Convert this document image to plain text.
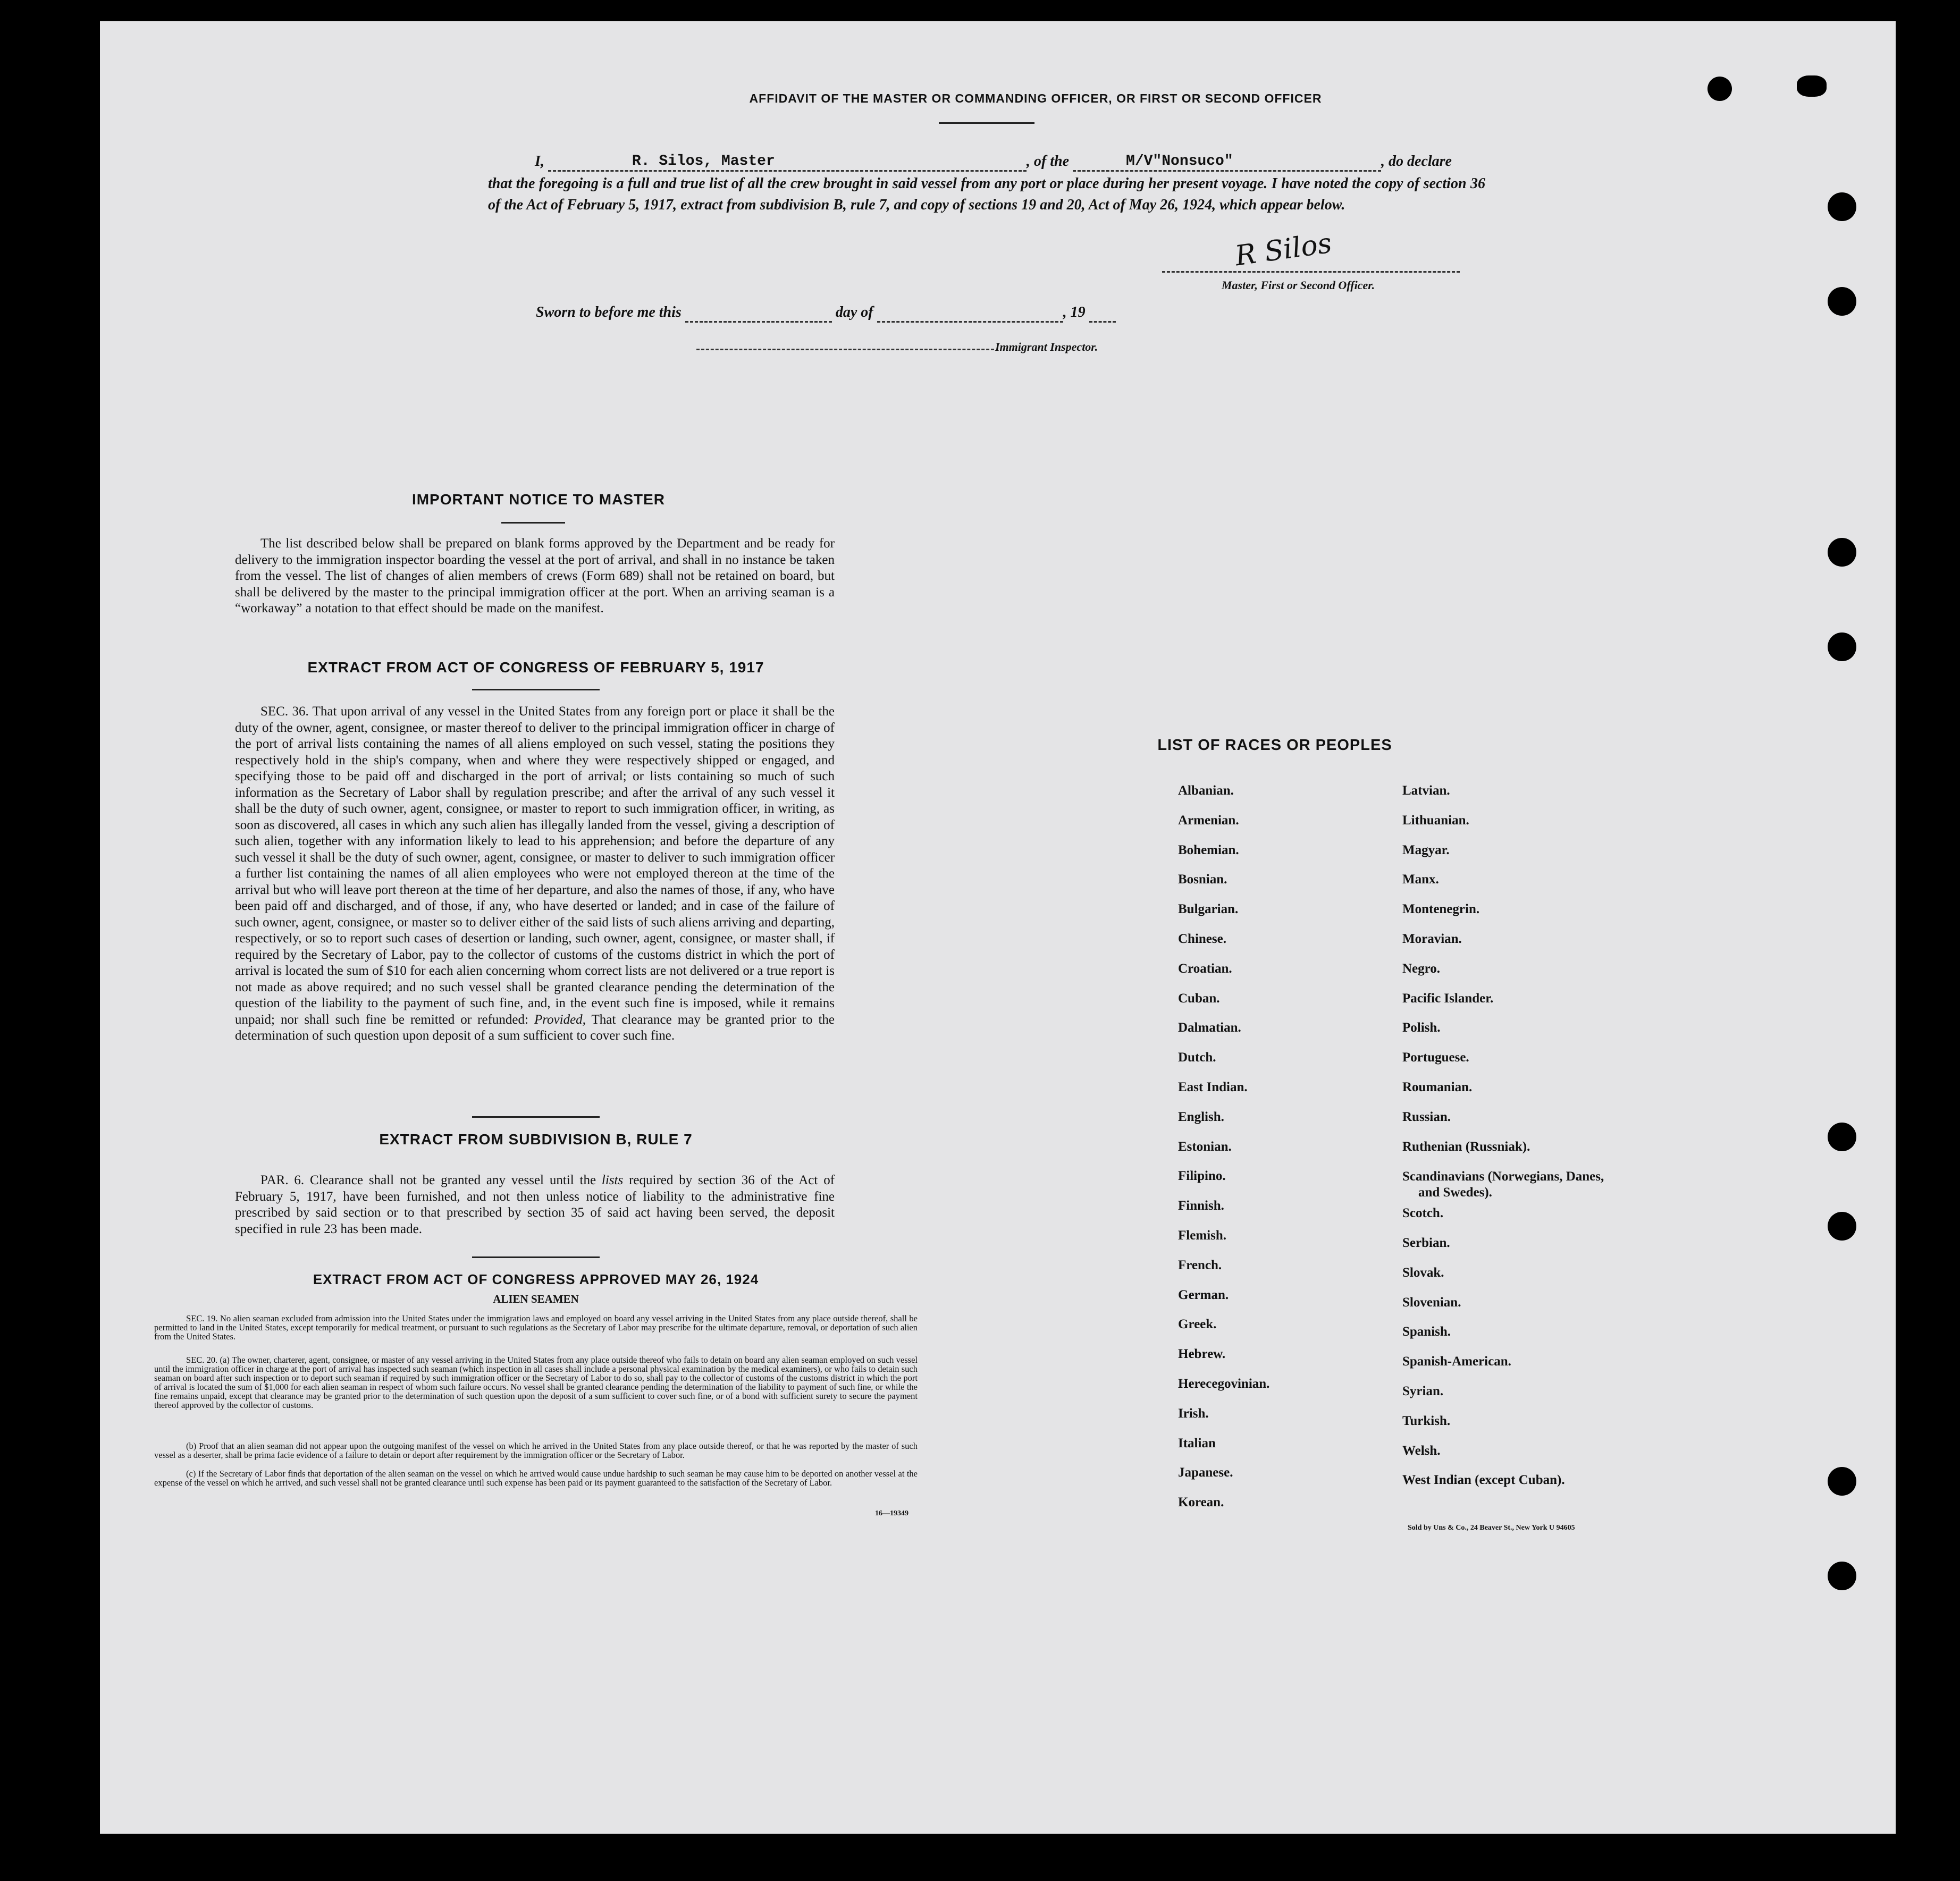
AFFIDAVIT OF THE MASTER OR COMMANDING OFFICER, OR FIRST OR SECOND OFFICER
I,	R. Silos, Master	, of the	M/V"Nonsuco"	, do declare
that the foregoing is a full and true list of all the crew brought in said vessel from any port or place during her present voyage. I have noted the copy of section 36 of the Act of February 5, 1917, extract from subdivision B, rule 7, and copy of sections 19 and 20, Act of May 26, 1924, which appear below.
R Silos
Master, First or Second Officer.
Sworn to before me this	day of	, 19
Immigrant Inspector.
IMPORTANT NOTICE TO MASTER
The list described below shall be prepared on blank forms approved by the Department and be ready for delivery to the immigration inspector boarding the vessel at the port of arrival, and shall in no instance be taken from the vessel. The list of changes of alien members of crews (Form 689) shall not be retained on board, but shall be delivered by the master to the principal immigration officer at the port. When an arriving seaman is a “workaway” a notation to that effect should be made on the manifest.
EXTRACT FROM ACT OF CONGRESS OF FEBRUARY 5, 1917
SEC. 36. That upon arrival of any vessel in the United States from any foreign port or place it shall be the duty of the owner, agent, consignee, or master thereof to deliver to the principal immigration officer in charge of the port of arrival lists containing the names of all aliens employed on such vessel, stating the positions they respectively hold in the ship's company, when and where they were respectively shipped or engaged, and specifying those to be paid off and discharged in the port of arrival; or lists containing so much of such information as the Secretary of Labor shall by regulation prescribe; and after the arrival of any such vessel it shall be the duty of such owner, agent, consignee, or master to report to such immigration officer, in writing, as soon as discovered, all cases in which any such alien has illegally landed from the vessel, giving a description of such alien, together with any information likely to lead to his apprehension; and before the departure of any such vessel it shall be the duty of such owner, agent, consignee, or master to deliver to such immigration officer a further list containing the names of all alien employees who were not employed thereon at the time of the arrival but who will leave port thereon at the time of her departure, and also the names of those, if any, who have been paid off and discharged, and of those, if any, who have deserted or landed; and in case of the failure of such owner, agent, consignee, or master so to deliver either of the said lists of such aliens arriving and departing, respectively, or so to report such cases of desertion or landing, such owner, agent, consignee, or master shall, if required by the Secretary of Labor, pay to the collector of customs of the customs district in which the port of arrival is located the sum of $10 for each alien concerning whom correct lists are not delivered or a true report is not made as above required; and no such vessel shall be granted clearance pending the determination of the question of the liability to the payment of such fine, and, in the event such fine is imposed, while it remains unpaid; nor shall such fine be remitted or refunded: Provided, That clearance may be granted prior to the determination of such question upon deposit of a sum sufficient to cover such fine.
EXTRACT FROM SUBDIVISION B, RULE 7
PAR. 6. Clearance shall not be granted any vessel until the lists required by section 36 of the Act of February 5, 1917, have been furnished, and not then unless notice of liability to the administrative fine prescribed by said section or to that prescribed by section 35 of said act having been served, the deposit specified in rule 23 has been made.
EXTRACT FROM ACT OF CONGRESS APPROVED MAY 26, 1924
ALIEN SEAMEN
SEC. 19. No alien seaman excluded from admission into the United States under the immigration laws and employed on board any vessel arriving in the United States from any place outside thereof, shall be permitted to land in the United States, except temporarily for medical treatment, or pursuant to such regulations as the Secretary of Labor may prescribe for the ultimate departure, removal, or deportation of such alien from the United States.
SEC. 20. (a) The owner, charterer, agent, consignee, or master of any vessel arriving in the United States from any place outside thereof who fails to detain on board any alien seaman employed on such vessel until the immigration officer in charge at the port of arrival has inspected such seaman (which inspection in all cases shall include a personal physical examination by the medical examiners), or who fails to detain such seaman on board after such inspection or to deport such seaman if required by such immigration officer or the Secretary of Labor to do so, shall pay to the collector of customs of the customs district in which the port of arrival is located the sum of $1,000 for each alien seaman in respect of whom such failure occurs. No vessel shall be granted clearance pending the determination of the liability to payment of such fine, or while the fine remains unpaid, except that clearance may be granted prior to the determination of such question upon the deposit of a sum sufficient to cover such fine, or of a bond with sufficient surety to secure the payment thereof approved by the collector of customs.
(b) Proof that an alien seaman did not appear upon the outgoing manifest of the vessel on which he arrived in the United States from any place outside thereof, or that he was reported by the master of such vessel as a deserter, shall be prima facie evidence of a failure to detain or deport after requirement by the immigration officer or the Secretary of Labor.
(c) If the Secretary of Labor finds that deportation of the alien seaman on the vessel on which he arrived would cause undue hardship to such seaman he may cause him to be deported on another vessel at the expense of the vessel on which he arrived, and such vessel shall not be granted clearance until such expense has been paid or its payment guaranteed to the satisfaction of the Secretary of Labor.
16—19349
LIST OF RACES OR PEOPLES
Sold by Uns & Co., 24 Beaver St., New York U 94605
Albanian.
Armenian.
Bohemian.
Bosnian.
Bulgarian.
Chinese.
Croatian.
Cuban.
Dalmatian.
Dutch.
East Indian.
English.
Estonian.
Filipino.
Finnish.
Flemish.
French.
German.
Greek.
Hebrew.
Herecegovinian.
Irish.
Italian
Japanese.
Korean.
Latvian.
Lithuanian.
Magyar.
Manx.
Montenegrin.
Moravian.
Negro.
Pacific Islander.
Polish.
Portuguese.
Roumanian.
Russian.
Ruthenian (Russniak).
Scandinavians (Norwegians, Danes, and Swedes).
Scotch.
Serbian.
Slovak.
Slovenian.
Spanish.
Spanish-American.
Syrian.
Turkish.
Welsh.
West Indian (except Cuban).
